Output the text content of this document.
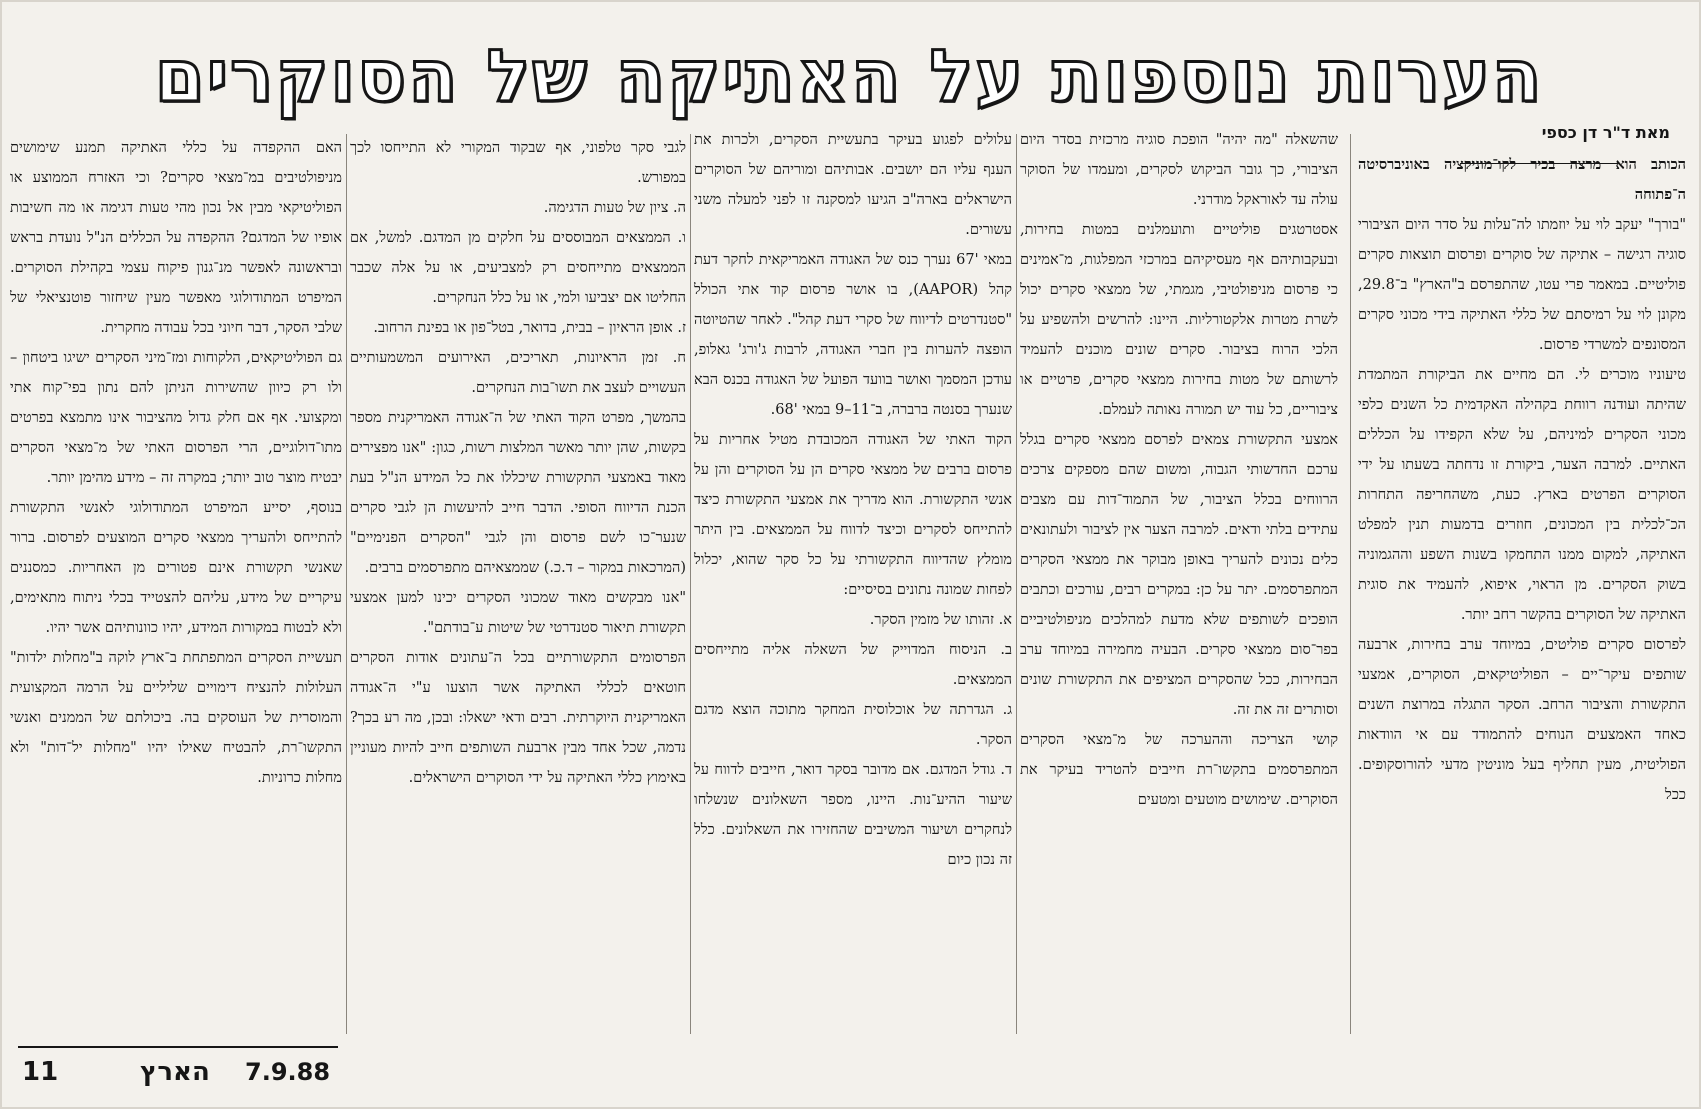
הערות נוספות על האתיקה של הסוקרים
מאת ד"ר דן כספי

הכותב הוא מרצה בכיר לקו־מוניקציה באוניברסיטה ה־פתוחה

"בורך" יעקב לוי על יוזמתו לה־עלות על סדר היום הציבורי סוגיה רגישה – אתיקה של סוקרים ופרסום תוצאות סקרים פוליטיים. במאמר פרי עטו, שהתפרסם ב"הארץ" ב־29.8, מקונן לוי על רמיסתם של כללי האתיקה בידי מכוני סקרים המסונפים למשרדי פרסום.

טיעוניו מוכרים לי. הם מחיים את הביקורת המתמדת שהיתה ועודנה רווחת בקהילה האקדמית כל השנים כלפי מכוני הסקרים למיניהם, על שלא הקפידו על הכללים האתיים. למרבה הצער, ביקורת זו נדחתה בשעתו על ידי הסוקרים הפרטים בארץ. כעת, משהחריפה התחרות הכ־לכלית בין המכונים, חוזרים בדמעות תנין למפלט האתיקה, למקום ממנו התחמקו בשנות השפע וההגמוניה בשוק הסקרים. מן הראוי, איפוא, להעמיד את סוגית האתיקה של הסוקרים בהקשר רחב יותר.

לפרסום סקרים פוליטים, במיוחד ערב בחירות, ארבעה שותפים עיקר־יים – הפוליטיקאים, הסוקרים, אמצעי התקשורת והציבור הרחב. הסקר התגלה במרוצת השנים כאחד האמצעים הנוחים להתמודד עם אי הוודאות הפוליטית, מעין תחליף בעל מוניטין מדעי להורוסקופים. ככל

שהשאלה "מה יהיה" הופכת סוגיה מרכזית בסדר היום הציבורי, כך גובר הביקוש לסקרים, ומעמדו של הסוקר עולה עד לאוראקל מודרני.

אסטרטגים פוליטיים ותועמלנים במטות בחירות, ובעקבותיהם אף מעסיקיהם במרכזי המפלגות, מ־אמינים כי פרסום מניפולטיבי, מגמתי, של ממצאי סקרים יכול לשרת מטרות אלקטורליות. היינו: להרשים ולהשפיע על הלכי הרוח בציבור. סקרים שונים מוכנים להעמיד לרשותם של מטות בחירות ממצאי סקרים, פרטיים או ציבוריים, כל עוד יש תמורה נאותה לעמלם.

אמצעי התקשורת צמאים לפרסם ממצאי סקרים בגלל ערכם החדשותי הגבוה, ומשום שהם מספקים צרכים הרווחים בכלל הציבור, של התמוד־דות עם מצבים עתידים בלתי ודאים. למרבה הצער אין לציבור ולעתונאים כלים נכונים להעריך באופן מבוקר את ממצאי הסקרים המתפרסמים. יתר על כן: במקרים רבים, עורכים וכתבים הופכים לשותפים שלא מדעת למהלכים מניפולטיביים בפר־סום ממצאי סקרים. הבעיה מחמירה במיוחד ערב הבחירות, ככל שהסקרים המציפים את התקשורת שונים וסותרים זה את זה.

קושי הצריכה וההערכה של מ־מצאי הסקרים המתפרסמים בתקשו־רת חייבים להטריד בעיקר את הסוקרים. שימושים מוטעים ומטעים

עלולים לפגוע בעיקר בתעשיית הסקרים, ולכרות את הענף עליו הם יושבים. אבותיהם ומוריהם של הסוקרים הישראלים בארה"ב הגיעו למסקנה זו לפני למעלה משני עשורים.

במאי '67 נערך כנס של האגודה האמריקאית לחקר דעת קהל (AAPOR), בו אושר פרסום קוד אתי הכולל "סטנדרטים לדיווח של סקרי דעת קהל". לאחר שהטיוטה הופצה להערות בין חברי האגודה, לרבות ג'ורג' גאלופ, עודכן המסמך ואושר בוועד הפועל של האגודה בכנס הבא שנערך בסנטה ברברה, ב־11–9 במאי '68.

הקוד האתי של האגודה המכובדת מטיל אחריות על פרסום ברבים של ממצאי סקרים הן על הסוקרים והן על אנשי התקשורת. הוא מדריך את אמצעי התקשורת כיצד להתייחס לסקרים וכיצד לדווח על הממצאים. בין היתר מומלץ שהדיווח התקשורתי על כל סקר שהוא, יכלול לפחות שמונה נתונים בסיסיים:

א. זהותו של מזמין הסקר.

ב. הניסוח המדוייק של השאלה אליה מתייחסים הממצאים.

ג. הגדרתה של אוכלוסית המחקר מתוכה הוצא מדגם הסקר.

ד. גודל המדגם. אם מדובר בסקר דואר, חייבים לדווח על שיעור ההיע־נות. היינו, מספר השאלונים שנשלחו לנחקרים ושיעור המשיבים שהחזירו את השאלונים. כלל זה נכון כיום

לגבי סקר טלפוני, אף שבקוד המקורי לא התייחסו לכך במפורש.

ה. ציון של טעות הדגימה.

ו. הממצאים המבוססים על חלקים מן המדגם. למשל, אם הממצאים מתייחסים רק למצביעים, או על אלה שכבר החליטו אם יצביעו ולמי, או על כלל הנחקרים.

ז. אופן הראיון – בבית, בדואר, בטל־פון או בפינת הרחוב.

ח. זמן הראיונות, תאריכים, האירועים המשמעותיים העשויים לעצב את תשו־בות הנחקרים.

בהמשך, מפרט הקוד האתי של ה־אגודה האמריקנית מספר בקשות, שהן יותר מאשר המלצות רשות, כגון: "אנו מפצירים מאוד באמצעי התקשורת שיכללו את כל המידע הנ"ל בעת הכנת הדיווח הסופי. הדבר חייב להיעשות הן לגבי סקרים שנער־כו לשם פרסום והן לגבי "הסקרים הפנימיים" (המרכאות במקור – ד.כ.) שממצאיהם מתפרסמים ברבים.

"אנו מבקשים מאוד שמכוני הסקרים יכינו למען אמצעי תקשורת תיאור סטנדרטי של שיטות ע־בודתם".

הפרסומים התקשורתיים בכל ה־עתונים אודות הסקרים חוטאים לכללי האתיקה אשר הוצעו ע"י ה־אגודה האמריקנית היוקרתית. רבים ודאי ישאלו: ובכן, מה רע בכך? נדמה, שכל אחד מבין ארבעת השותפים חייב להיות מעוניין באימוץ כללי האתיקה על ידי הסוקרים הישראלים.

האם ההקפדה על כללי האתיקה תמנע שימושים מניפולטיבים במ־מצאי סקרים? וכי האזרח הממוצע או הפוליטיקאי מבין אל נכון מהי טעות דגימה או מה חשיבות אופיו של המדגם? ההקפדה על הכללים הנ"ל נועדת בראש ובראשונה לאפשר מנ־גנון פיקוח עצמי בקהילת הסוקרים. המיפרט המתודולוגי מאפשר מעין שיחזור פוטנציאלי של שלבי הסקר, דבר חיוני בכל עבודה מחקרית.

גם הפוליטיקאים, הלקוחות ומז־מיני הסקרים ישיגו ביטחון – ולו רק כיוון שהשירות הניתן להם נתון בפי־קוח אתי ומקצועי. אף אם חלק גדול מהציבור אינו מתמצא בפרטים מתו־דולוגיים, הרי הפרסום האתי של מ־מצאי הסקרים יבטיח מוצר טוב יותר; במקרה זה – מידע מהימן יותר.

בנוסף, יסייע המיפרט המתודולוגי לאנשי התקשורת להתייחס ולהעריך ממצאי סקרים המוצעים לפרסום. ברור שאנשי תקשורת אינם פטורים מן האחריות. כמסננים עיקריים של מידע, עליהם להצטייד בכלי ניתוח מתאימים, ולא לבטוח במקורות המידע, יהיו כוונותיהם אשר יהיו.

תעשיית הסקרים המתפתחת ב־ארץ לוקה ב"מחלות ילדות" העלולות להנציח דימויים שליליים על הרמה המקצועית והמוסרית של העוסקים בה. ביכולתם של הממנים ואנשי התקשו־רת, להבטיח שאילו יהיו "מחלות יל־דות" ולא מחלות כרוניות.

11	הארץ	7.9.88
